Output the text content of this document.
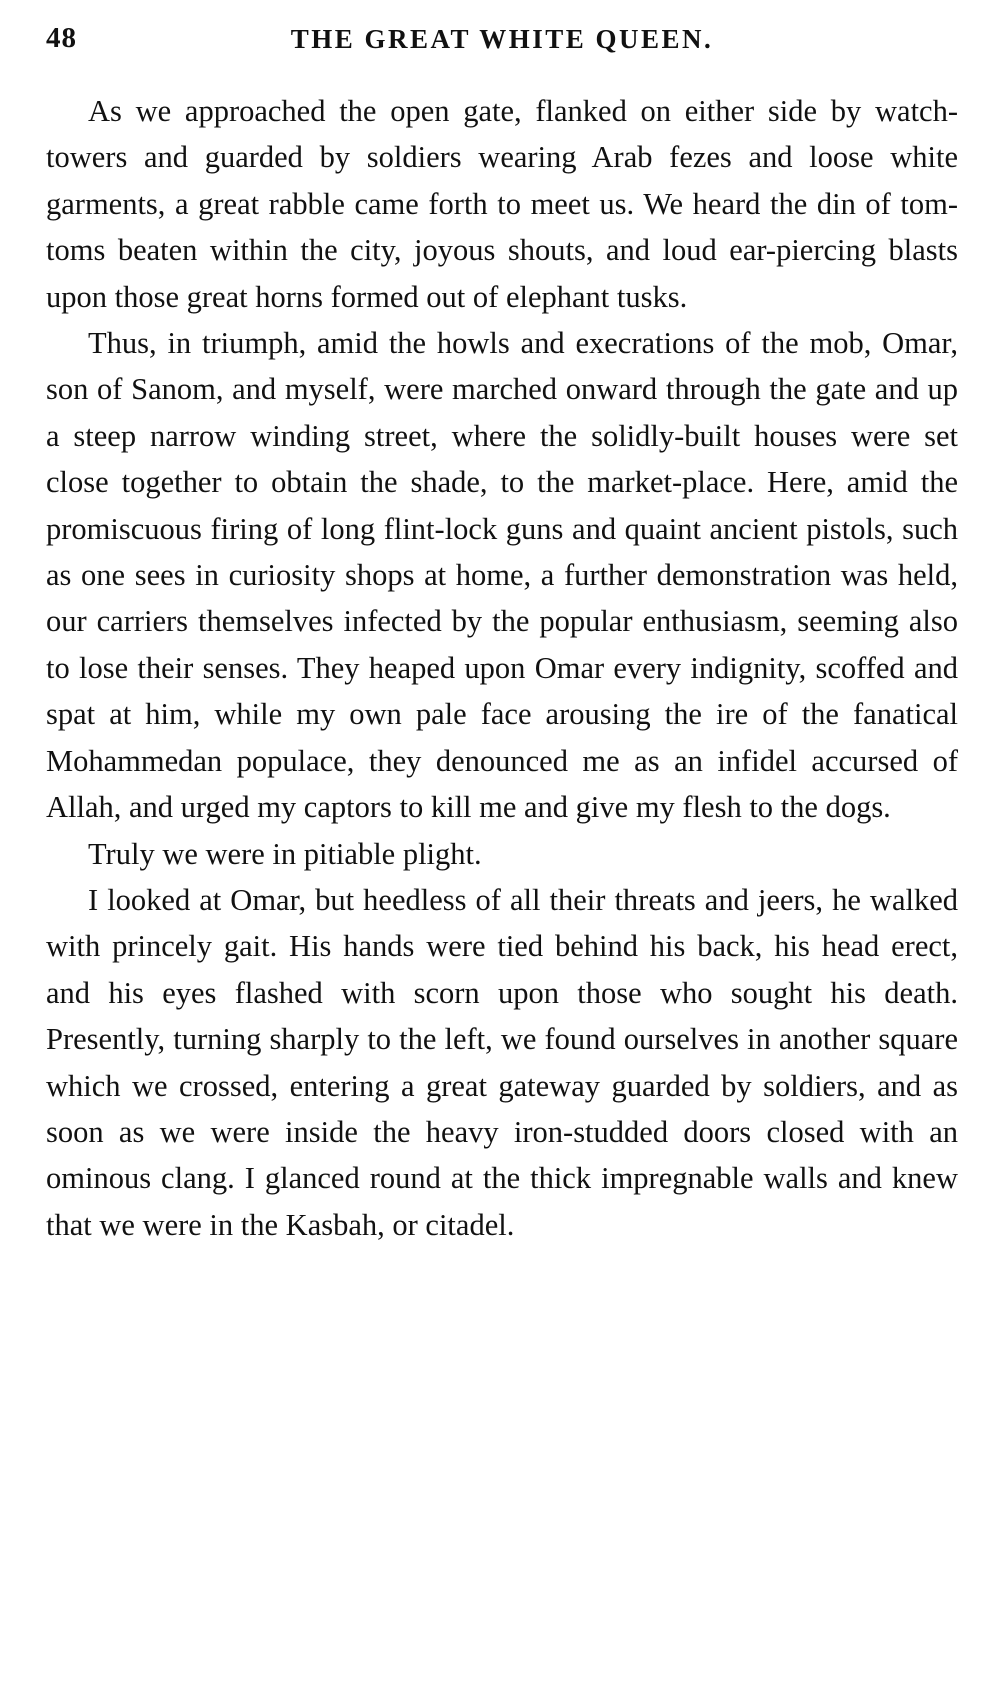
48	THE GREAT WHITE QUEEN.

As we approached the open gate, flanked on either side by watch-towers and guarded by soldiers wearing Arab fezes and loose white garments, a great rabble came forth to meet us. We heard the din of tom-toms beaten within the city, joyous shouts, and loud ear-piercing blasts upon those great horns formed out of elephant tusks.

Thus, in triumph, amid the howls and execrations of the mob, Omar, son of Sanom, and myself, were marched onward through the gate and up a steep narrow winding street, where the solidly-built houses were set close together to obtain the shade, to the market-place. Here, amid the promiscuous firing of long flint-lock guns and quaint ancient pistols, such as one sees in curiosity shops at home, a further demonstration was held, our carriers themselves infected by the popular enthusiasm, seeming also to lose their senses. They heaped upon Omar every indignity, scoffed and spat at him, while my own pale face arousing the ire of the fanatical Mohammedan populace, they denounced me as an infidel accursed of Allah, and urged my captors to kill me and give my flesh to the dogs.

Truly we were in pitiable plight.

I looked at Omar, but heedless of all their threats and jeers, he walked with princely gait. His hands were tied behind his back, his head erect, and his eyes flashed with scorn upon those who sought his death. Presently, turning sharply to the left, we found ourselves in another square which we crossed, entering a great gateway guarded by soldiers, and as soon as we were inside the heavy iron-studded doors closed with an ominous clang. I glanced round at the thick impregnable walls and knew that we were in the Kasbah, or citadel.
